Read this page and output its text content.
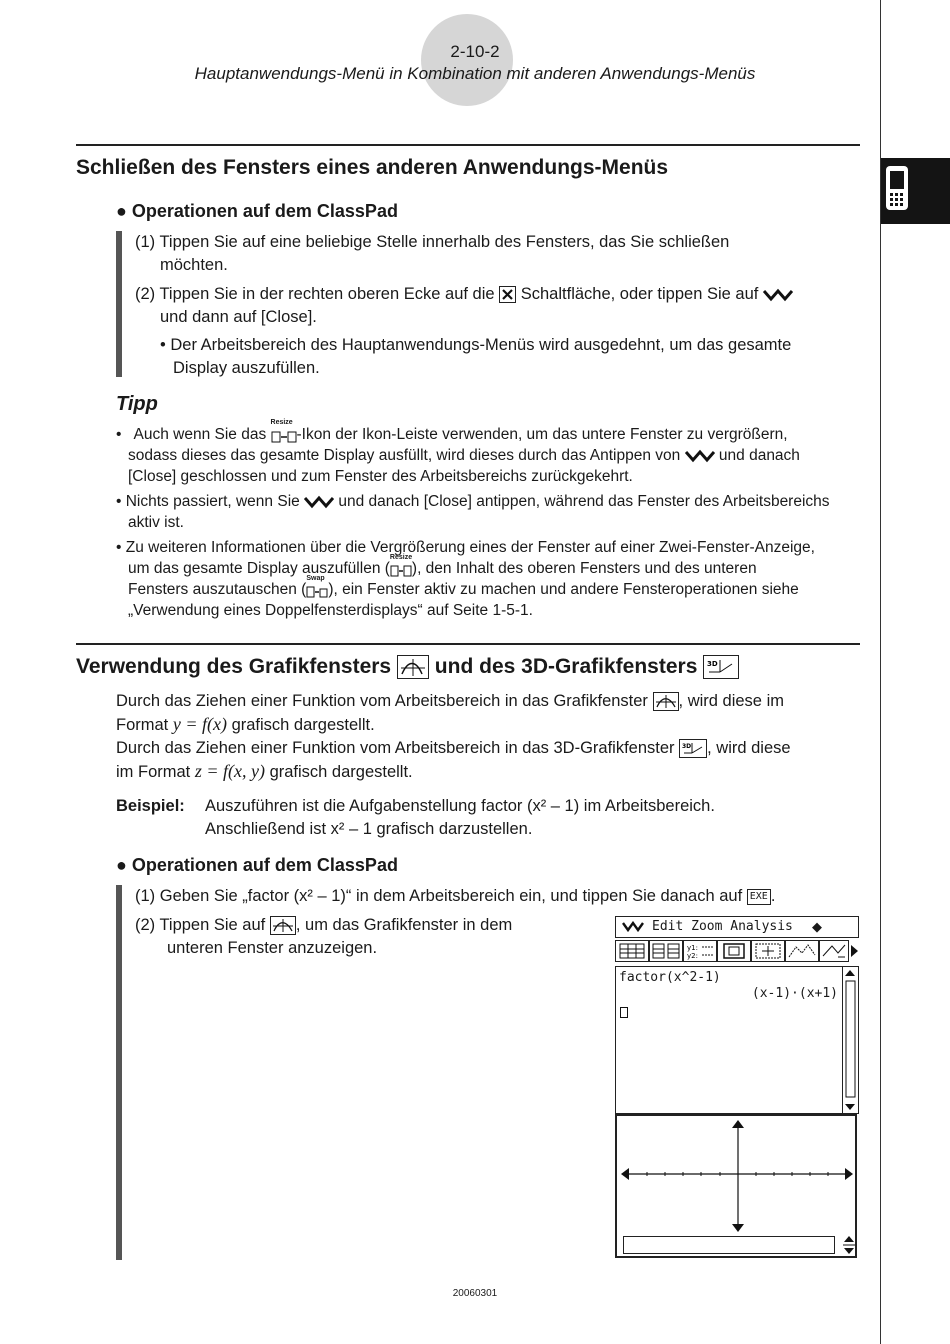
2-10-2
Hauptanwendungs-Menü in Kombination mit anderen Anwendungs-Menüs
Schließen des Fensters eines anderen Anwendungs-Menüs
● Operationen auf dem ClassPad
(1) Tippen Sie auf eine beliebige Stelle innerhalb des Fensters, das Sie schließen
möchten.
(2) Tippen Sie in der rechten oberen Ecke auf die Schaltfläche, oder tippen Sie auf
und dann auf [Close].
• Der Arbeitsbereich des Hauptanwendungs-Menüs wird ausgedehnt, um das gesamte
Display auszufüllen.
Tipp
•   Auch wenn Sie das
Resize
-Ikon der Ikon-Leiste verwenden, um das untere Fenster zu vergrößern,
sodass dieses das gesamte Display ausfüllt, wird dieses durch das Antippen von und danach
[Close] geschlossen und zum Fenster des Arbeitsbereichs zurückgekehrt.
• Nichts passiert, wenn Sie und danach [Close] antippen, während das Fenster des Arbeitsbereichs
aktiv ist.
• Zu weiteren Informationen über die Vergrößerung eines der Fenster auf einer Zwei-Fenster-Anzeige,
um das gesamte Display auszufüllen (
Resize
), den Inhalt des oberen Fensters und des unteren
Fensters auszutauschen (
Swap
), ein Fenster aktiv zu machen und andere Fensteroperationen siehe
„Verwendung eines Doppelfensterdisplays“ auf Seite 1-5-1.
Verwendung des Grafikfensters und des 3D-Grafikfensters 3D
Durch das Ziehen einer Funktion vom Arbeitsbereich in das Grafikfenster , wird diese im
Format y = f(x) grafisch dargestellt.
Durch das Ziehen einer Funktion vom Arbeitsbereich in das 3D-Grafikfenster 3D , wird diese
im Format z = f(x, y) grafisch dargestellt.
Beispiel: Auszuführen ist die Aufgabenstellung factor (x² – 1) im Arbeitsbereich.
Anschließend ist x² – 1 grafisch darzustellen.
● Operationen auf dem ClassPad
(1) Geben Sie „factor (x² – 1)“ in dem Arbeitsbereich ein, und tippen Sie danach auf EXE .
(2) Tippen Sie auf , um das Grafikfenster in dem
unteren Fenster anzuzeigen.
Edit Zoom Analysis ◆
y1:
y2:
factor(x^2-1)
(x-1)·(x+1)
20060301
